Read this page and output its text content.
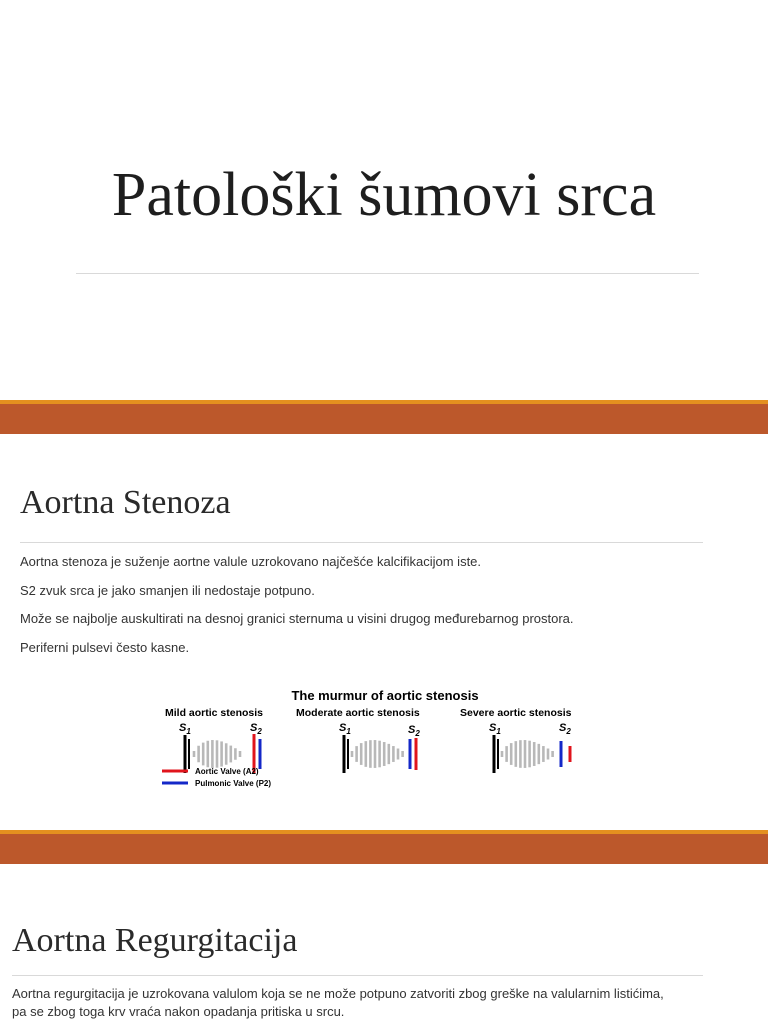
Patološki šumovi srca
Aortna Stenoza
Aortna stenoza je suženje aortne valule uzrokovano najčešće kalcifikacijom iste.
S2 zvuk srca je jako smanjen ili nedostaje potpuno.
Može se najbolje auskultirati na desnoj granici sternuma u visini drugog međurebarnog prostora.
Periferni pulsevi često kasne.
The murmur of aortic stenosis
Mild aortic stenosis	Moderate aortic stenosis	Severe aortic stenosis
$S_1$	$S_2$	$S_1$	$S_2$	$S_1$	$S_2$
Aortic Valve (A2)
Pulmonic Valve (P2)
Aortna Regurgitacija
Aortna regurgitacija je uzrokovana valulom koja se ne može potpuno zatvoriti zbog greške na valularnim listićima, pa se zbog toga krv vraća nakon opadanja pritiska u srcu.
